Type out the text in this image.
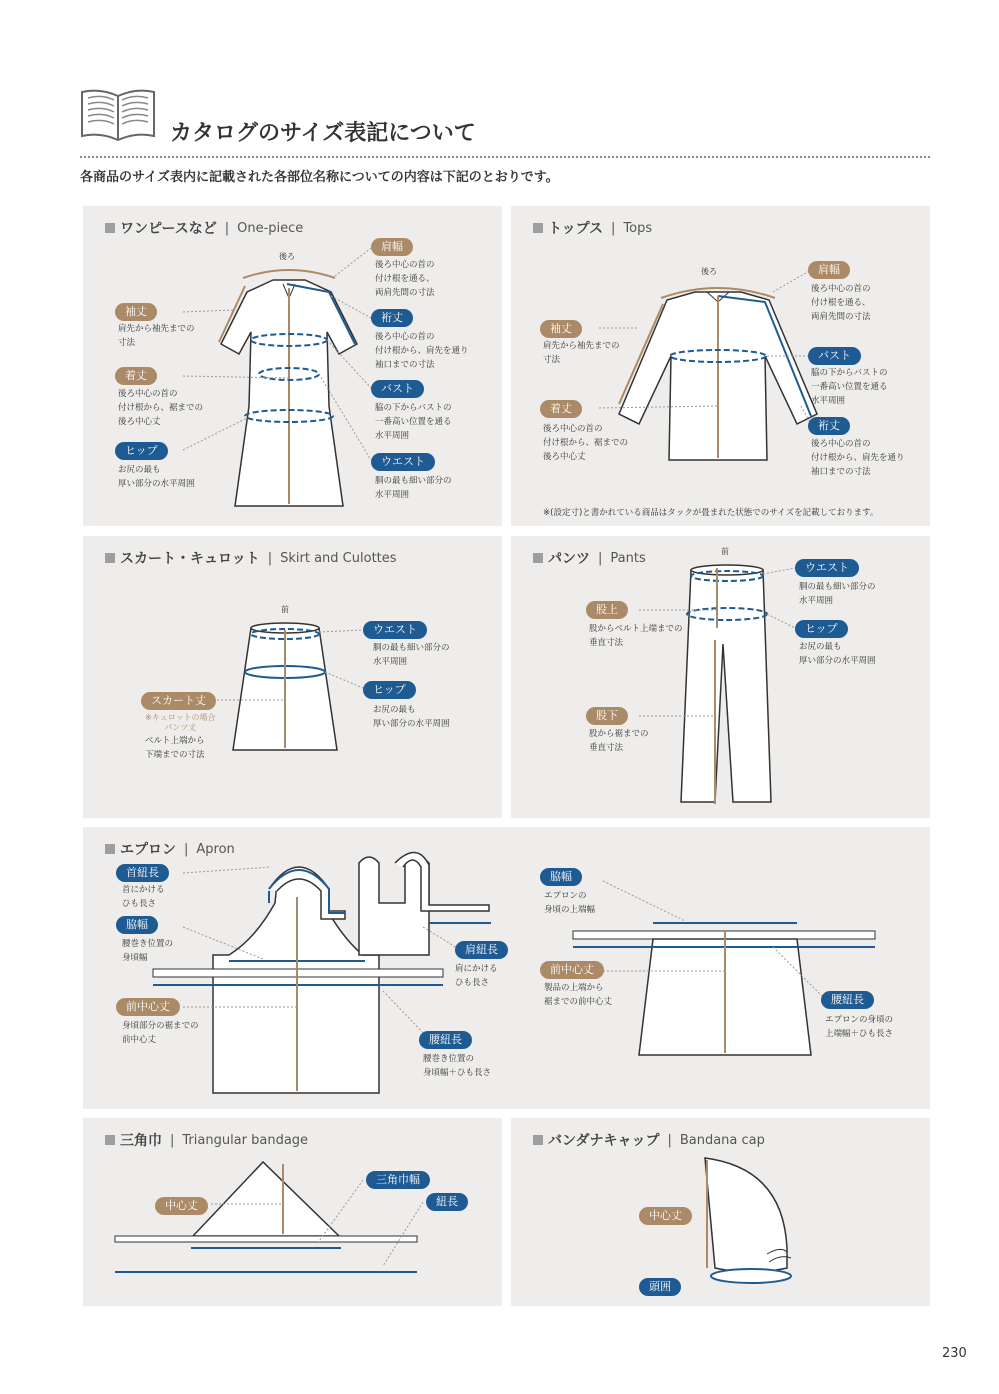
カタログのサイズ表記について
各商品のサイズ表内に記載された各部位名称についての内容は下記のとおりです。
ワンピースなど | One-piece
後ろ
裄丈
肩幅
後ろ中心の首の
付け根を通る、
両肩先間の寸法
後ろ中心の首の
付け根から、肩先を通り
袖口までの寸法
バスト
脇の下からバストの
一番高い位置を通る
水平周囲
ウエスト
胴の最も細い部分の
水平周囲
袖丈
肩先から袖先までの
寸法
着丈
後ろ中心の首の
付け根から、裾までの
後ろ中心丈
ヒップ
お尻の最も
厚い部分の水平周囲
トップス | Tops
後ろ	肩幅
後ろ中心の首の
付け根を通る、
両肩先間の寸法
バスト
脇の下からバストの
一番高い位置を通る
水平周囲
裄丈
後ろ中心の首の
付け根から、肩先を通り
袖口までの寸法
袖丈
肩先から袖先までの
寸法
着丈
後ろ中心の首の
付け根から、裾までの
後ろ中心丈
※(設定寸)と書かれている商品はタックが畳まれた状態でのサイズを記載しております。
スカート・キュロット | Skirt and Culottes
前
ウエスト
胴の最も細い部分の
水平周囲
ヒップ
お尻の最も
厚い部分の水平周囲
スカート丈
※キュロットの場合
パンツ丈
ベルト上端から
下端までの寸法
パンツ | Pants	前
ウエスト
胴の最も細い部分の
水平周囲
ヒップ
お尻の最も
厚い部分の水平周囲
股上
股からベルト上端までの
垂直寸法
股下
股から裾までの
垂直寸法
エプロン | Apron
首紐長
首にかける
ひも長さ
脇幅
腰巻き位置の
身頃幅
前中心丈
身頃部分の裾までの
前中心丈
肩紐長
肩にかける
ひも長さ
腰紐長
腰巻き位置の
身頃幅＋ひも長さ
脇幅
エプロンの
身頃の上端幅
前中心丈
製品の上端から
裾までの前中心丈	腰紐長
エプロンの身頃の
上端幅＋ひも長さ
三角巾 | Triangular bandage
中心丈
三角巾幅
紐長
バンダナキャップ | Bandana cap
中心丈
頭囲
230
